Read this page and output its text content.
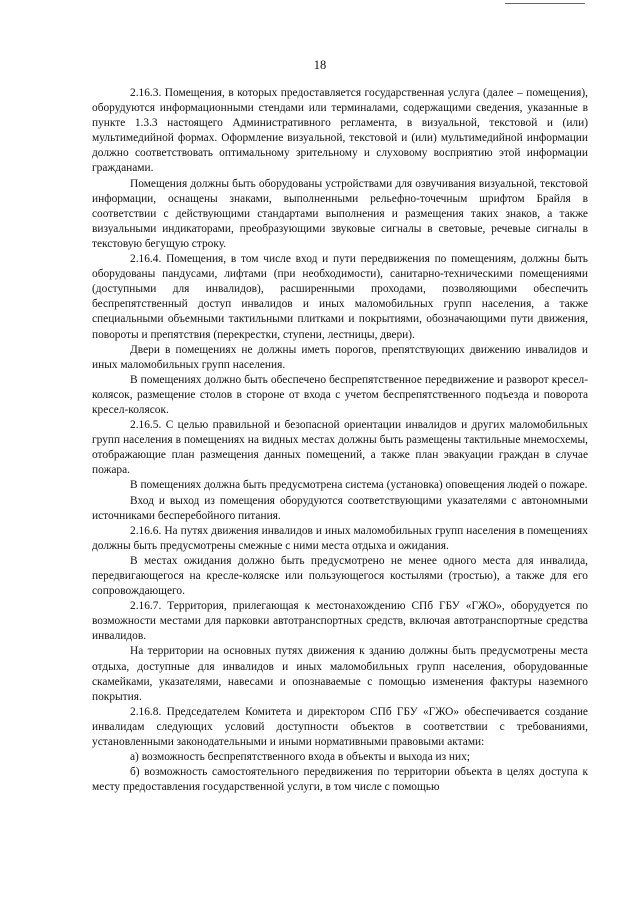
18

2.16.3. Помещения, в которых предоставляется государственная услуга (далее – помещения), оборудуются информационными стендами или терминалами, содержащими сведения, указанные в пункте 1.3.3 настоящего Административного регламента, в визуальной, текстовой и (или) мультимедийной формах. Оформление визуальной, текстовой и (или) мультимедийной информации должно соответствовать оптимальному зрительному и слуховому восприятию этой информации гражданами.

Помещения должны быть оборудованы устройствами для озвучивания визуальной, текстовой информации, оснащены знаками, выполненными рельефно-точечным шрифтом Брайля в соответствии с действующими стандартами выполнения и размещения таких знаков, а также визуальными индикаторами, преобразующими звуковые сигналы в световые, речевые сигналы в текстовую бегущую строку.

2.16.4. Помещения, в том числе вход и пути передвижения по помещениям, должны быть оборудованы пандусами, лифтами (при необходимости), санитарно-техническими помещениями (доступными для инвалидов), расширенными проходами, позволяющими обеспечить беспрепятственный доступ инвалидов и иных маломобильных групп населения, а также специальными объемными тактильными плитками и покрытиями, обозначающими пути движения, повороты и препятствия (перекрестки, ступени, лестницы, двери).

Двери в помещениях не должны иметь порогов, препятствующих движению инвалидов и иных маломобильных групп населения.

В помещениях должно быть обеспечено беспрепятственное передвижение и разворот кресел-колясок, размещение столов в стороне от входа с учетом беспрепятственного подъезда и поворота кресел-колясок.

2.16.5. С целью правильной и безопасной ориентации инвалидов и других маломобильных групп населения в помещениях на видных местах должны быть размещены тактильные мнемосхемы, отображающие план размещения данных помещений, а также план эвакуации граждан в случае пожара.

В помещениях должна быть предусмотрена система (установка) оповещения людей о пожаре.

Вход и выход из помещения оборудуются соответствующими указателями с автономными источниками бесперебойного питания.

2.16.6. На путях движения инвалидов и иных маломобильных групп населения в помещениях должны быть предусмотрены смежные с ними места отдыха и ожидания.

В местах ожидания должно быть предусмотрено не менее одного места для инвалида, передвигающегося на кресле-коляске или пользующегося костылями (тростью), а также для его сопровождающего.

2.16.7. Территория, прилегающая к местонахождению СПб ГБУ «ГЖО», оборудуется по возможности местами для парковки автотранспортных средств, включая автотранспортные средства инвалидов.

На территории на основных путях движения к зданию должны быть предусмотрены места отдыха, доступные для инвалидов и иных маломобильных групп населения, оборудованные скамейками, указателями, навесами и опознаваемые с помощью изменения фактуры наземного покрытия.

2.16.8. Председателем Комитета и директором СПб ГБУ «ГЖО» обеспечивается создание инвалидам следующих условий доступности объектов в соответствии с требованиями, установленными законодательными и иными нормативными правовыми актами:

а) возможность беспрепятственного входа в объекты и выхода из них;

б) возможность самостоятельного передвижения по территории объекта в целях доступа к месту предоставления государственной услуги, в том числе с помощью
